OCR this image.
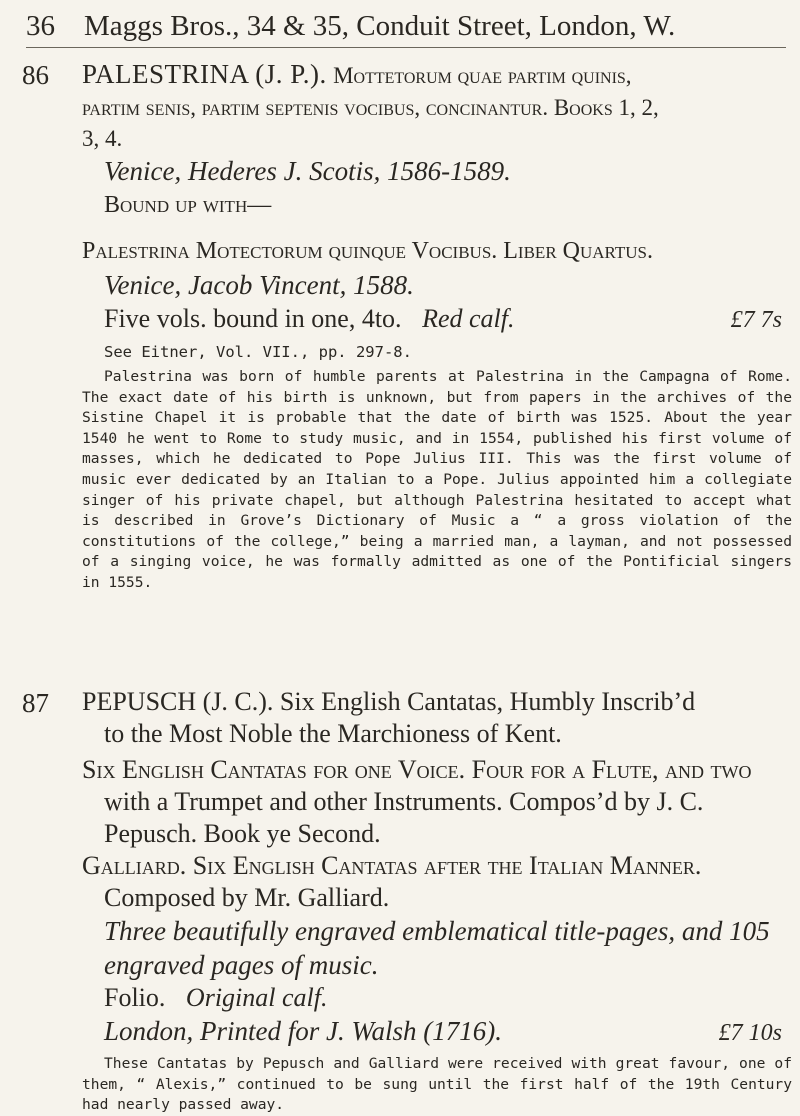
36 Maggs Bros., 34 & 35, Conduit Street, London, W.
86 PALESTRINA (J. P.). Mottetorum quae partim quinis,
partim senis, partim septenis vocibus, concinantur. Books 1, 2,
3, 4.
Venice, Hederes J. Scotis, 1586-1589.
Bound up with—
Palestrina Motectorum quinque Vocibus. Liber Quartus.
Venice, Jacob Vincent, 1588.
Five vols. bound in one, 4to. Red calf.	£7 7s
See Eitner, Vol. VII., pp. 297-8.

Palestrina was born of humble parents at Palestrina in the Campagna of Rome. The exact date of his birth is unknown, but from papers in the archives of the Sistine Chapel it is probable that the date of birth was 1525. About the year 1540 he went to Rome to study music, and in 1554, published his first volume of masses, which he dedicated to Pope Julius III. This was the first volume of music ever dedicated by an Italian to a Pope. Julius appointed him a collegiate singer of his private chapel, but although Palestrina hesitated to accept what is described in Grove’s Dictionary of Music a “ a gross violation of the constitutions of the college,” being a married man, a layman, and not possessed of a singing voice, he was formally admitted as one of the Pontificial singers in 1555.

87 PEPUSCH (J. C.). Six English Cantatas, Humbly Inscrib’d
to the Most Noble the Marchioness of Kent.
Six English Cantatas for one Voice. Four for a Flute, and two
with a Trumpet and other Instruments. Compos’d by J. C.
Pepusch. Book ye Second.
Galliard. Six English Cantatas after the Italian Manner.
Composed by Mr. Galliard.
Three beautifully engraved emblematical title-pages, and 105
engraved pages of music.
Folio. Original calf.
London, Printed for J. Walsh (1716).	£7 10s

These Cantatas by Pepusch and Galliard were received with great favour, one of them, “ Alexis,” continued to be sung until the first half of the 19th Century had nearly passed away.
